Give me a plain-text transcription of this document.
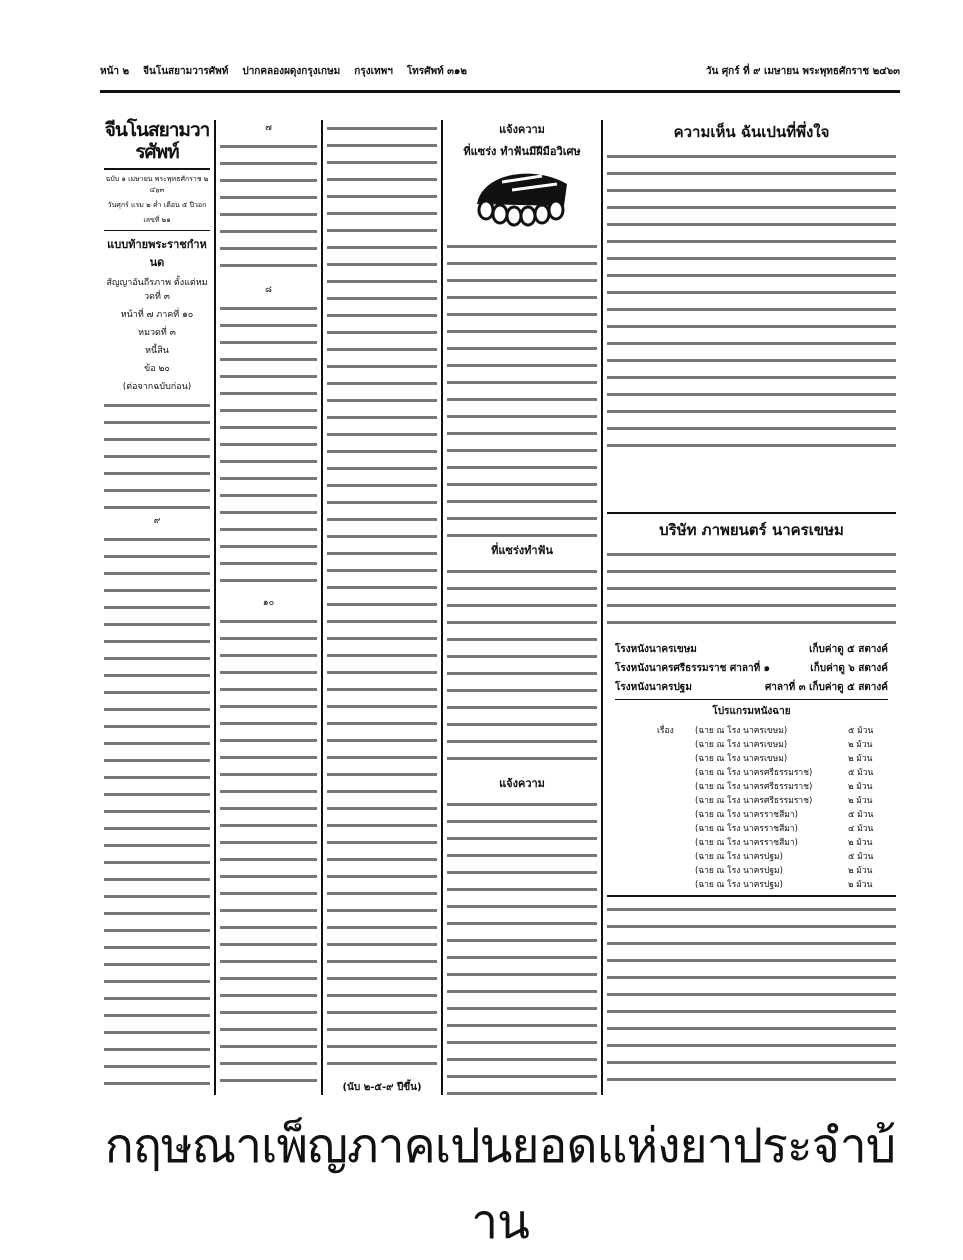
หน้า ๒ จีนโนสยามวารศัพท์ ปากคลองผดุงกรุงเกษม กรุงเทพฯ โทรศัพท์ ๓๑๒	วัน ศุกร์ ที่ ๙ เมษายน พระพุทธศักราช ๒๔๖๓
จีนโนสยามวารศัพท์
ฉบับ ๑ เมษายน พระพุทธศักราช ๒๔๖๓
วันศุกร์ แรม ๒ ค่ำ เดือน ๕ ปีวอก
เลขที่ ๒๑
แบบท้ายพระราชกำหนด
สัญญาอันถีรภาพ ตั้งแต่หมวดที่ ๓
หน้าที่ ๗ ภาคที่ ๑๐
หมวดที่ ๓
หนี้สิน
ข้อ ๒๐
(ต่อจากฉบับก่อน)
๙
๗
๘
๑๐
(นับ ๒-๕-๙ ปีขึ้น)
แจ้งความ
ที่แซร่ง ทำฟันมีฝีมือวิเศษ
ที่แซร่งทำฟัน
แจ้งความ
ความเห็น ฉันเปนที่พึ่งใจ
บริษัท ภาพยนตร์ นาครเขษม
โรงหนังนาครเขษม	เก็บค่าดู ๕ สตางค์
โรงหนังนาครศรีธรรมราช ศาลาที่ ๑	เก็บค่าดู ๖ สตางค์
โรงหนังนาครปฐม	ศาลาที่ ๓ เก็บค่าดู ๕ สตางค์
โปรแกรมหนังฉาย
เรื่อง	(ฉาย ณ โรง นาครเขษม)	๕ ม้วน
(ฉาย ณ โรง นาครเขษม)	๒ ม้วน
(ฉาย ณ โรง นาครเขษม)	๒ ม้วน
(ฉาย ณ โรง นาครศรีธรรมราช)	๕ ม้วน
(ฉาย ณ โรง นาครศรีธรรมราช)	๒ ม้วน
(ฉาย ณ โรง นาครศรีธรรมราช)	๒ ม้วน
(ฉาย ณ โรง นาครราชสีมา)	๕ ม้วน
(ฉาย ณ โรง นาครราชสีมา)	๔ ม้วน
(ฉาย ณ โรง นาครราชสีมา)	๒ ม้วน
(ฉาย ณ โรง นาครปฐม)	๕ ม้วน
(ฉาย ณ โรง นาครปฐม)	๒ ม้วน
(ฉาย ณ โรง นาครปฐม)	๒ ม้วน
กฤษณาเพ็ญภาคเปนยอดแห่งยาประจำบ้าน
